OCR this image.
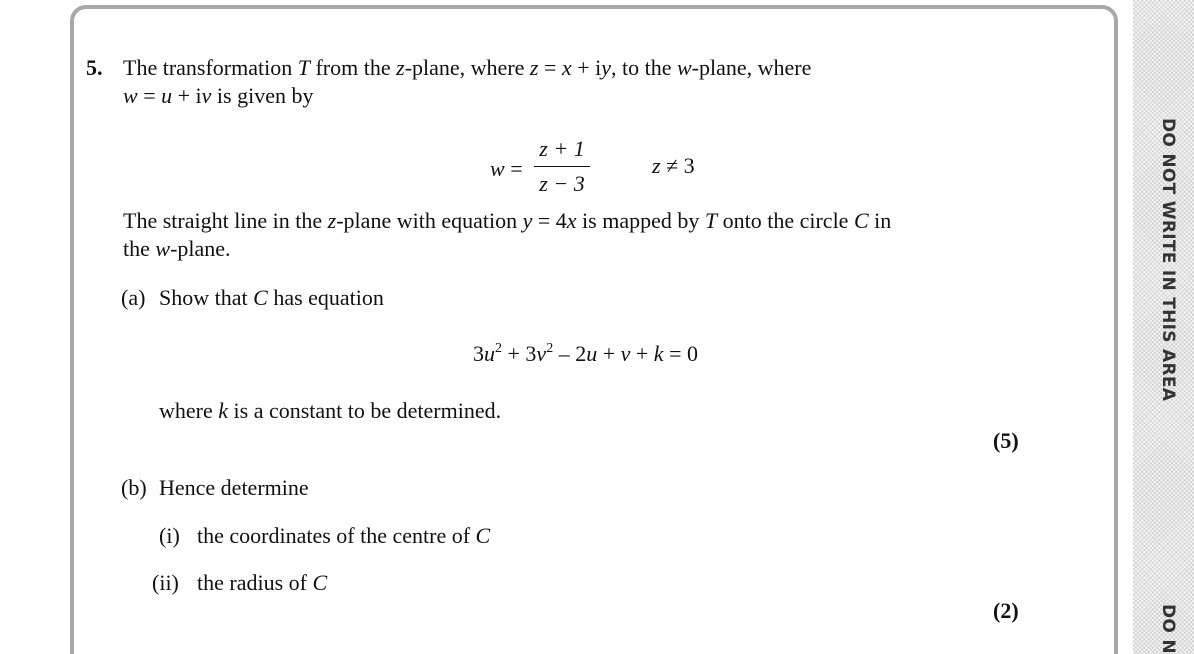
DO NOT WRITE IN THIS AREA
DO N
5. The transformation T from the z-plane, where z = x + iy, to the w-plane, where
w = u + iv is given by
w =
z + 1
z − 3
z ≠ 3
The straight line in the z-plane with equation y = 4x is mapped by T onto the circle C in
the w-plane.
(a) Show that C has equation
$3u^2 + 3v^2 - 2u + v + k = 0$
where k is a constant to be determined.
(5)
(b) Hence determine
(i) the coordinates of the centre of C
(ii) the radius of C
(2)
